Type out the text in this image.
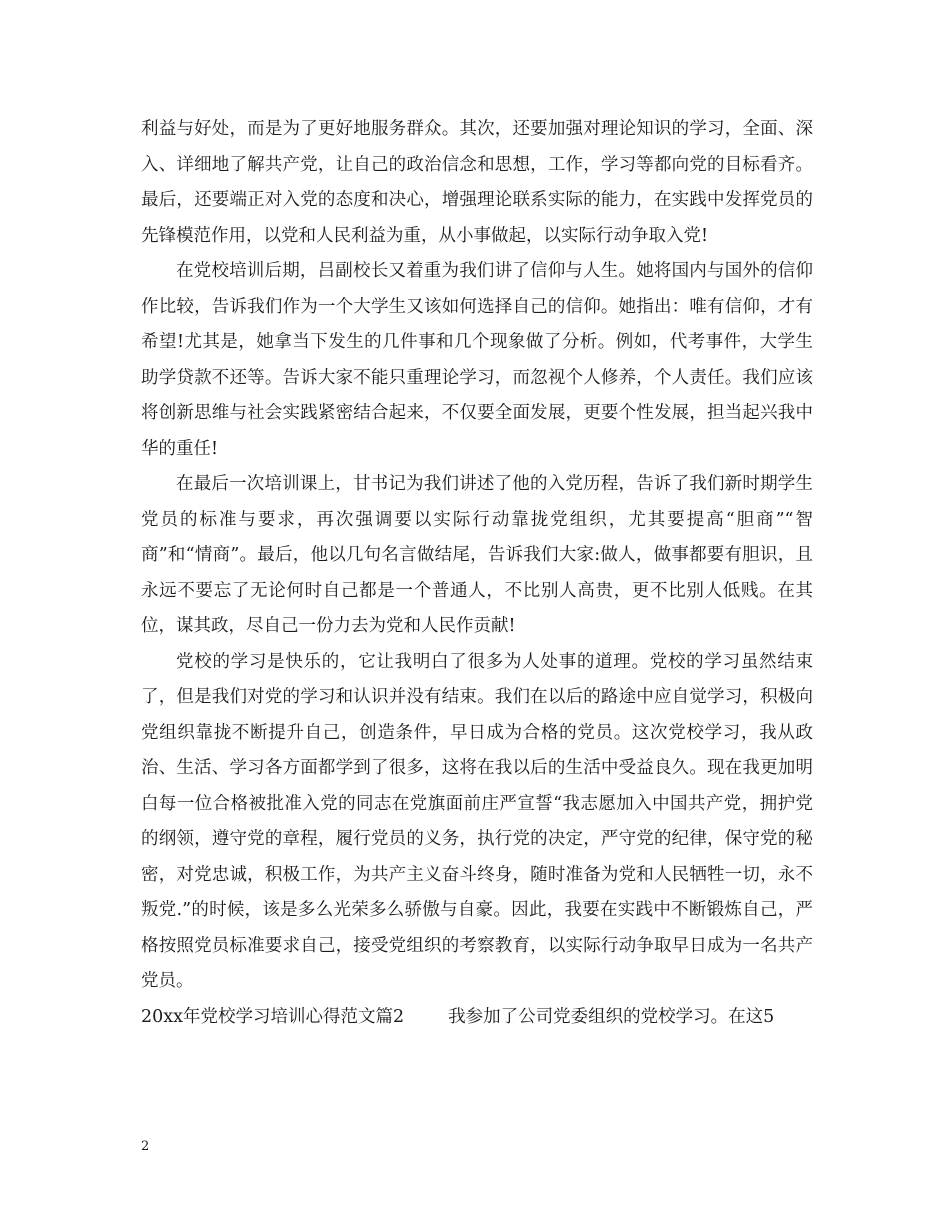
利益与好处，而是为了更好地服务群众。其次，还要加强对理论知识的学习，全面、深入、详细地了解共产党，让自己的政治信念和思想，工作，学习等都向党的目标看齐。最后，还要端正对入党的态度和决心，增强理论联系实际的能力，在实践中发挥党员的先锋模范作用，以党和人民利益为重，从小事做起，以实际行动争取入党!

在党校培训后期，吕副校长又着重为我们讲了信仰与人生。她将国内与国外的信仰作比较，告诉我们作为一个大学生又该如何选择自己的信仰。她指出：唯有信仰，才有希望!尤其是，她拿当下发生的几件事和几个现象做了分析。例如，代考事件，大学生助学贷款不还等。告诉大家不能只重理论学习，而忽视个人修养，个人责任。我们应该将创新思维与社会实践紧密结合起来，不仅要全面发展，更要个性发展，担当起兴我中华的重任!

在最后一次培训课上，甘书记为我们讲述了他的入党历程，告诉了我们新时期学生党员的标准与要求，再次强调要以实际行动靠拢党组织，尤其要提高“胆商”“智商”和“情商”。最后，他以几句名言做结尾，告诉我们大家:做人，做事都要有胆识，且永远不要忘了无论何时自己都是一个普通人，不比别人高贵，更不比别人低贱。在其位，谋其政，尽自己一份力去为党和人民作贡献!

党校的学习是快乐的，它让我明白了很多为人处事的道理。党校的学习虽然结束了，但是我们对党的学习和认识并没有结束。我们在以后的路途中应自觉学习，积极向党组织靠拢不断提升自己，创造条件，早日成为合格的党员。这次党校学习，我从政治、生活、学习各方面都学到了很多，这将在我以后的生活中受益良久。现在我更加明白每一位合格被批准入党的同志在党旗面前庄严宣誓“我志愿加入中国共产党，拥护党的纲领，遵守党的章程，履行党员的义务，执行党的决定，严守党的纪律，保守党的秘密，对党忠诚，积极工作，为共产主义奋斗终身，随时准备为党和人民牺牲一切，永不叛党.”的时候，该是多么光荣多么骄傲与自豪。因此，我要在实践中不断锻炼自己，严格按照党员标准要求自己，接受党组织的考察教育，以实际行动争取早日成为一名共产党员。

20xx年党校学习培训心得范文篇2	我参加了公司党委组织的党校学习。在这5
2
